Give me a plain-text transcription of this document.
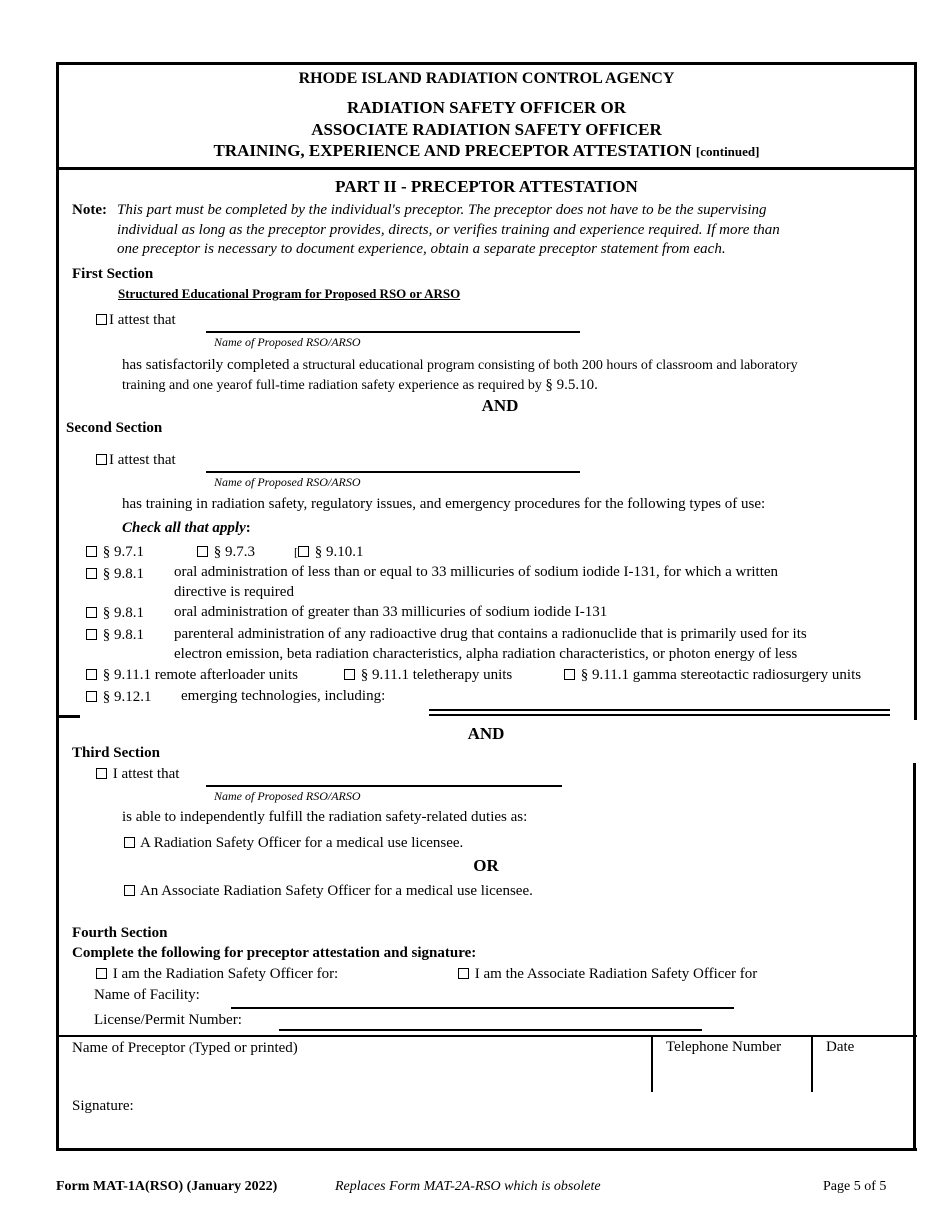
RHODE ISLAND RADIATION CONTROL AGENCY
RADIATION SAFETY OFFICER OR
ASSOCIATE RADIATION SAFETY OFFICER
TRAINING, EXPERIENCE AND PRECEPTOR ATTESTATION [continued]
PART II - PRECEPTOR ATTESTATION
Note: This part must be completed by the individual's preceptor. The preceptor does not have to be the supervising
individual as long as the preceptor provides, directs, or verifies training and experience required. If more than
one preceptor is necessary to document experience, obtain a separate preceptor statement from each.
First Section
Structured Educational Program for Proposed RSO or ARSO
I attest that
Name of Proposed RSO/ARSO
has satisfactorily completed a structural educational program consisting of both 200 hours of classroom and laboratory
training and one yearof full-time radiation safety experience as required by § 9.5.10.
AND
Second Section
I attest that
Name of Proposed RSO/ARSO
has training in radiation safety, regulatory issues, and emergency procedures for the following types of use:
Check all that apply:
§ 9.7.1	§ 9.7.3	[ § 9.10.1
§ 9.8.1 oral administration of less than or equal to 33 millicuries of sodium iodide I-131, for which a written
directive is required
§ 9.8.1 oral administration of greater than 33 millicuries of sodium iodide I-131
§ 9.8.1 parenteral administration of any radioactive drug that contains a radionuclide that is primarily used for its
electron emission, beta radiation characteristics, alpha radiation characteristics, or photon energy of less
§ 9.11.1 remote afterloader units	§ 9.11.1 teletherapy units	§ 9.11.1 gamma stereotactic radiosurgery units
§ 9.12.1 emerging technologies, including:
AND
Third Section
I attest that
Name of Proposed RSO/ARSO
is able to independently fulfill the radiation safety-related duties as:
A Radiation Safety Officer for a medical use licensee.
OR
An Associate Radiation Safety Officer for a medical use licensee.
Fourth Section
Complete the following for preceptor attestation and signature:
I am the Radiation Safety Officer for:	I am the Associate Radiation Safety Officer for
Name of Facility:
License/Permit Number:
Name of Preceptor (Typed or printed)	Telephone Number	Date
Signature:
Form MAT-1A(RSO) (January 2022)	Replaces Form MAT-2A-RSO which is obsolete	Page 5 of 5
